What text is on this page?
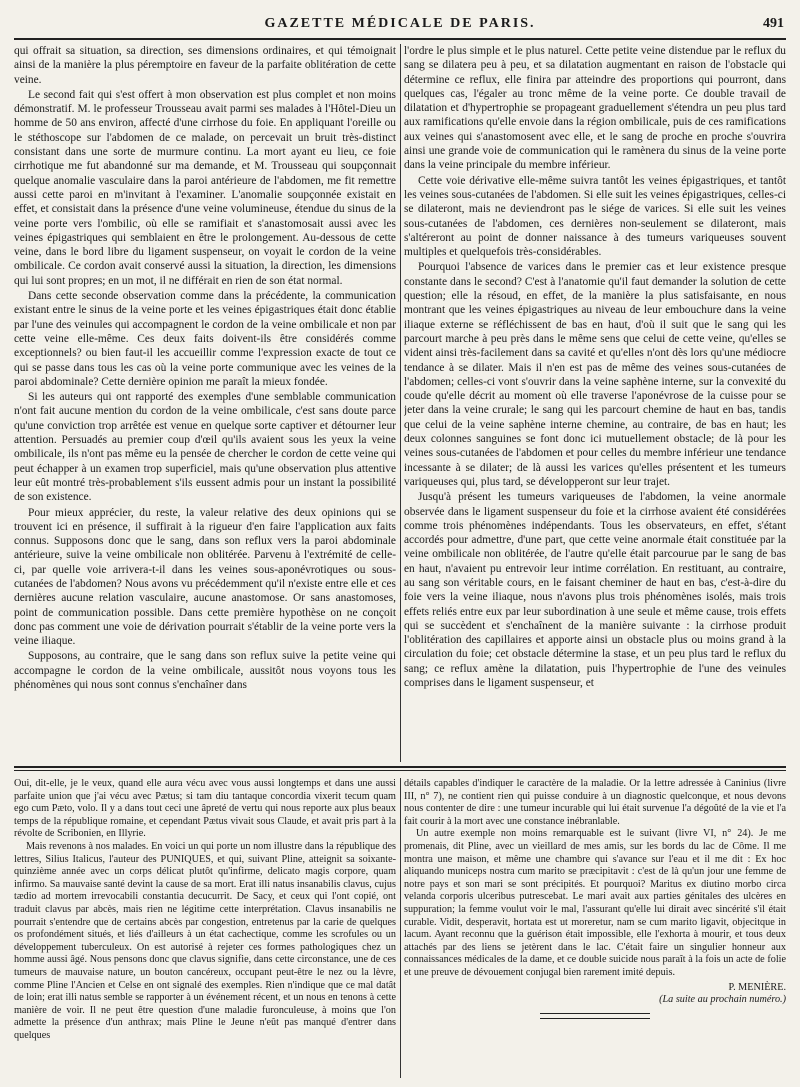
GAZETTE MÉDICALE DE PARIS.	491

qui offrait sa situation, sa direction, ses dimensions ordinaires, et qui témoignait ainsi de la manière la plus péremptoire en faveur de la parfaite oblitération de cette veine.

Le second fait qui s'est offert à mon observation est plus complet et non moins démonstratif. M. le professeur Trousseau avait parmi ses malades à l'Hôtel-Dieu un homme de 50 ans environ, affecté d'une cirrhose du foie. En appliquant l'oreille ou le stéthoscope sur l'abdomen de ce malade, on percevait un bruit très-distinct consistant dans une sorte de murmure continu. La mort ayant eu lieu, ce foie cirrhotique me fut abandonné sur ma demande, et M. Trousseau qui soupçonnait quelque anomalie vasculaire dans la paroi antérieure de l'abdomen, me fit remettre aussi cette paroi en m'invitant à l'examiner. L'anomalie soupçonnée existait en effet, et consistait dans la présence d'une veine volumineuse, étendue du sinus de la veine porte vers l'ombilic, où elle se ramifiait et s'anastomosait aussi avec les veines épigastriques qui semblaient en être le prolongement. Au-dessous de cette veine, dans le bord libre du ligament suspenseur, on voyait le cordon de la veine ombilicale. Ce cordon avait conservé aussi la situation, la direction, les dimensions qui lui sont propres; en un mot, il ne différait en rien de son état normal.

Dans cette seconde observation comme dans la précédente, la communication existant entre le sinus de la veine porte et les veines épigastriques était donc établie par l'une des veinules qui accompagnent le cordon de la veine ombilicale et non par cette veine elle-même. Ces deux faits doivent-ils être considérés comme exceptionnels? ou bien faut-il les accueillir comme l'expression exacte de tout ce qui se passe dans tous les cas où la veine porte communique avec les veines de la paroi abdominale? Cette dernière opinion me paraît la mieux fondée.

Si les auteurs qui ont rapporté des exemples d'une semblable communication n'ont fait aucune mention du cordon de la veine ombilicale, c'est sans doute parce qu'une conviction trop arrêtée est venue en quelque sorte captiver et détourner leur attention. Persuadés au premier coup d'œil qu'ils avaient sous les yeux la veine ombilicale, ils n'ont pas même eu la pensée de chercher le cordon de cette veine qui peut échapper à un examen trop superficiel, mais qu'une observation plus attentive leur eût montré très-probablement s'ils eussent admis pour un instant la possibilité de son existence.

Pour mieux apprécier, du reste, la valeur relative des deux opinions qui se trouvent ici en présence, il suffirait à la rigueur d'en faire l'application aux faits connus. Supposons donc que le sang, dans son reflux vers la paroi abdominale antérieure, suive la veine ombilicale non oblitérée. Parvenu à l'extrémité de celle-ci, par quelle voie arrivera-t-il dans les veines sous-aponévrotiques ou sous-cutanées de l'abdomen? Nous avons vu précédemment qu'il n'existe entre elle et ces dernières aucune relation vasculaire, aucune anastomose. Or sans anastomoses, point de communication possible. Dans cette première hypothèse on ne conçoit donc pas comment une voie de dérivation pourrait s'établir de la veine porte vers la veine iliaque.

Supposons, au contraire, que le sang dans son reflux suive la petite veine qui accompagne le cordon de la veine ombilicale, aussitôt nous voyons tous les phénomènes qui nous sont connus s'enchaîner dans

l'ordre le plus simple et le plus naturel. Cette petite veine distendue par le reflux du sang se dilatera peu à peu, et sa dilatation augmentant en raison de l'obstacle qui détermine ce reflux, elle finira par atteindre des proportions qui pourront, dans quelques cas, l'égaler au tronc même de la veine porte. Ce double travail de dilatation et d'hypertrophie se propageant graduellement s'étendra un peu plus tard aux ramifications qu'elle envoie dans la région ombilicale, puis de ces ramifications aux veines qui s'anastomosent avec elle, et le sang de proche en proche s'ouvrira ainsi une grande voie de communication qui le ramènera du sinus de la veine porte dans la veine principale du membre inférieur.

Cette voie dérivative elle-même suivra tantôt les veines épigastriques, et tantôt les veines sous-cutanées de l'abdomen. Si elle suit les veines épigastriques, celles-ci se dilateront, mais ne deviendront pas le siége de varices. Si elle suit les veines sous-cutanées de l'abdomen, ces dernières non-seulement se dilateront, mais s'altéreront au point de donner naissance à des tumeurs variqueuses souvent multiples et quelquefois très-considérables.

Pourquoi l'absence de varices dans le premier cas et leur existence presque constante dans le second? C'est à l'anatomie qu'il faut demander la solution de cette question; elle la résoud, en effet, de la manière la plus satisfaisante, en nous montrant que les veines épigastriques au niveau de leur embouchure dans la veine iliaque externe se réfléchissent de bas en haut, d'où il suit que le sang qui les parcourt marche à peu près dans le même sens que celui de cette veine, qu'elles se vident ainsi très-facilement dans sa cavité et qu'elles n'ont dès lors qu'une médiocre tendance à se dilater. Mais il n'en est pas de même des veines sous-cutanées de l'abdomen; celles-ci vont s'ouvrir dans la veine saphène interne, sur la convexité du coude qu'elle décrit au moment où elle traverse l'aponévrose de la cuisse pour se jeter dans la veine crurale; le sang qui les parcourt chemine de haut en bas, tandis que celui de la veine saphène interne chemine, au contraire, de bas en haut; les deux colonnes sanguines se font donc ici mutuellement obstacle; de là pour les veines sous-cutanées de l'abdomen et pour celles du membre inférieur une tendance incessante à se dilater; de là aussi les varices qu'elles présentent et les tumeurs variqueuses qui, plus tard, se développeront sur leur trajet.

Jusqu'à présent les tumeurs variqueuses de l'abdomen, la veine anormale observée dans le ligament suspenseur du foie et la cirrhose avaient été considérées comme trois phénomènes indépendants. Tous les observateurs, en effet, s'étant accordés pour admettre, d'une part, que cette veine anormale était constituée par la veine ombilicale non oblitérée, de l'autre qu'elle était parcourue par le sang de bas en haut, n'avaient pu entrevoir leur intime corrélation. En restituant, au contraire, au sang son véritable cours, en le faisant cheminer de haut en bas, c'est-à-dire du foie vers la veine iliaque, nous n'avons plus trois phénomènes isolés, mais trois effets reliés entre eux par leur subordination à une seule et même cause, trois effets qui se succèdent et s'enchaînent de la manière suivante : la cirrhose produit l'oblitération des capillaires et apporte ainsi un obstacle plus ou moins grand à la circulation du foie; cet obstacle détermine la stase, et un peu plus tard le reflux du sang; ce reflux amène la dilatation, puis l'hypertrophie de l'une des veinules comprises dans le ligament suspenseur, et

Oui, dit-elle, je le veux, quand elle aura vécu avec vous aussi longtemps et dans une aussi parfaite union que j'ai vécu avec Pætus; si tam diu tantaque concordia vixerit tecum quam ego cum Pæto, volo. Il y a dans tout ceci une âpreté de vertu qui nous reporte aux plus beaux temps de la république romaine, et cependant Pætus vivait sous Claude, et avait pris part à la révolte de Scribonien, en Illyrie.

Mais revenons à nos malades. En voici un qui porte un nom illustre dans la république des lettres, Silius Italicus, l'auteur des PUNIQUES, et qui, suivant Pline, atteignit sa soixante-quinzième année avec un corps délicat plutôt qu'infirme, delicato magis corpore, quam infirmo. Sa mauvaise santé devint la cause de sa mort. Erat illi natus insanabilis clavus, cujus tædio ad mortem irrevocabili constantia decucurrit. De Sacy, et ceux qui l'ont copié, ont traduit clavus par abcès, mais rien ne légitime cette interprétation. Clavus insanabilis ne pourrait s'entendre que de certains abcès par congestion, entretenus par la carie de quelques os profondément situés, et liés d'ailleurs à un état cachectique, comme les scrofules ou un développement tuberculeux. On est autorisé à rejeter ces formes pathologiques chez un homme aussi âgé. Nous pensons donc que clavus signifie, dans cette circonstance, une de ces tumeurs de mauvaise nature, un bouton cancéreux, occupant peut-être le nez ou la lèvre, comme Pline l'Ancien et Celse en ont signalé des exemples. Rien n'indique que ce mal datât de loin; erat illi natus semble se rapporter à un événement récent, et un nous en tenons à cette manière de voir. Il ne peut être question d'une maladie furonculeuse, à moins que l'on admette la présence d'un anthrax; mais Pline le Jeune n'eût pas manqué d'entrer dans quelques

détails capables d'indiquer le caractère de la maladie. Or la lettre adressée à Caninius (livre III, n° 7), ne contient rien qui puisse conduire à un diagnostic quelconque, et nous devons nous contenter de dire : une tumeur incurable qui lui était survenue l'a dégoûté de la vie et l'a fait courir à la mort avec une constance inébranlable.

Un autre exemple non moins remarquable est le suivant (livre VI, n° 24). Je me promenais, dit Pline, avec un vieillard de mes amis, sur les bords du lac de Côme. Il me montra une maison, et même une chambre qui s'avance sur l'eau et il me dit : Ex hoc aliquando municeps nostra cum marito se præcipitavit : c'est de là qu'un jour une femme de notre pays et son mari se sont précipités. Et pourquoi? Maritus ex diutino morbo circa velanda corporis ulceribus putrescebat. Le mari avait aux parties génitales des ulcères en suppuration; la femme voulut voir le mal, l'assurant qu'elle lui dirait avec sincérité s'il était curable. Vidit, desperavit, hortata est ut moreretur, nam se cum marito ligavit, objecitque in lacum. Ayant reconnu que la guérison était impossible, elle l'exhorta à mourir, et tous deux attachés par des liens se jetèrent dans le lac. C'était faire un singulier honneur aux connaissances médicales de la dame, et ce double suicide nous paraît à la fois un acte de folie et une preuve de dévouement conjugal bien rarement imité depuis.

P. MENIÈRE.
(La suite au prochain numéro.)
